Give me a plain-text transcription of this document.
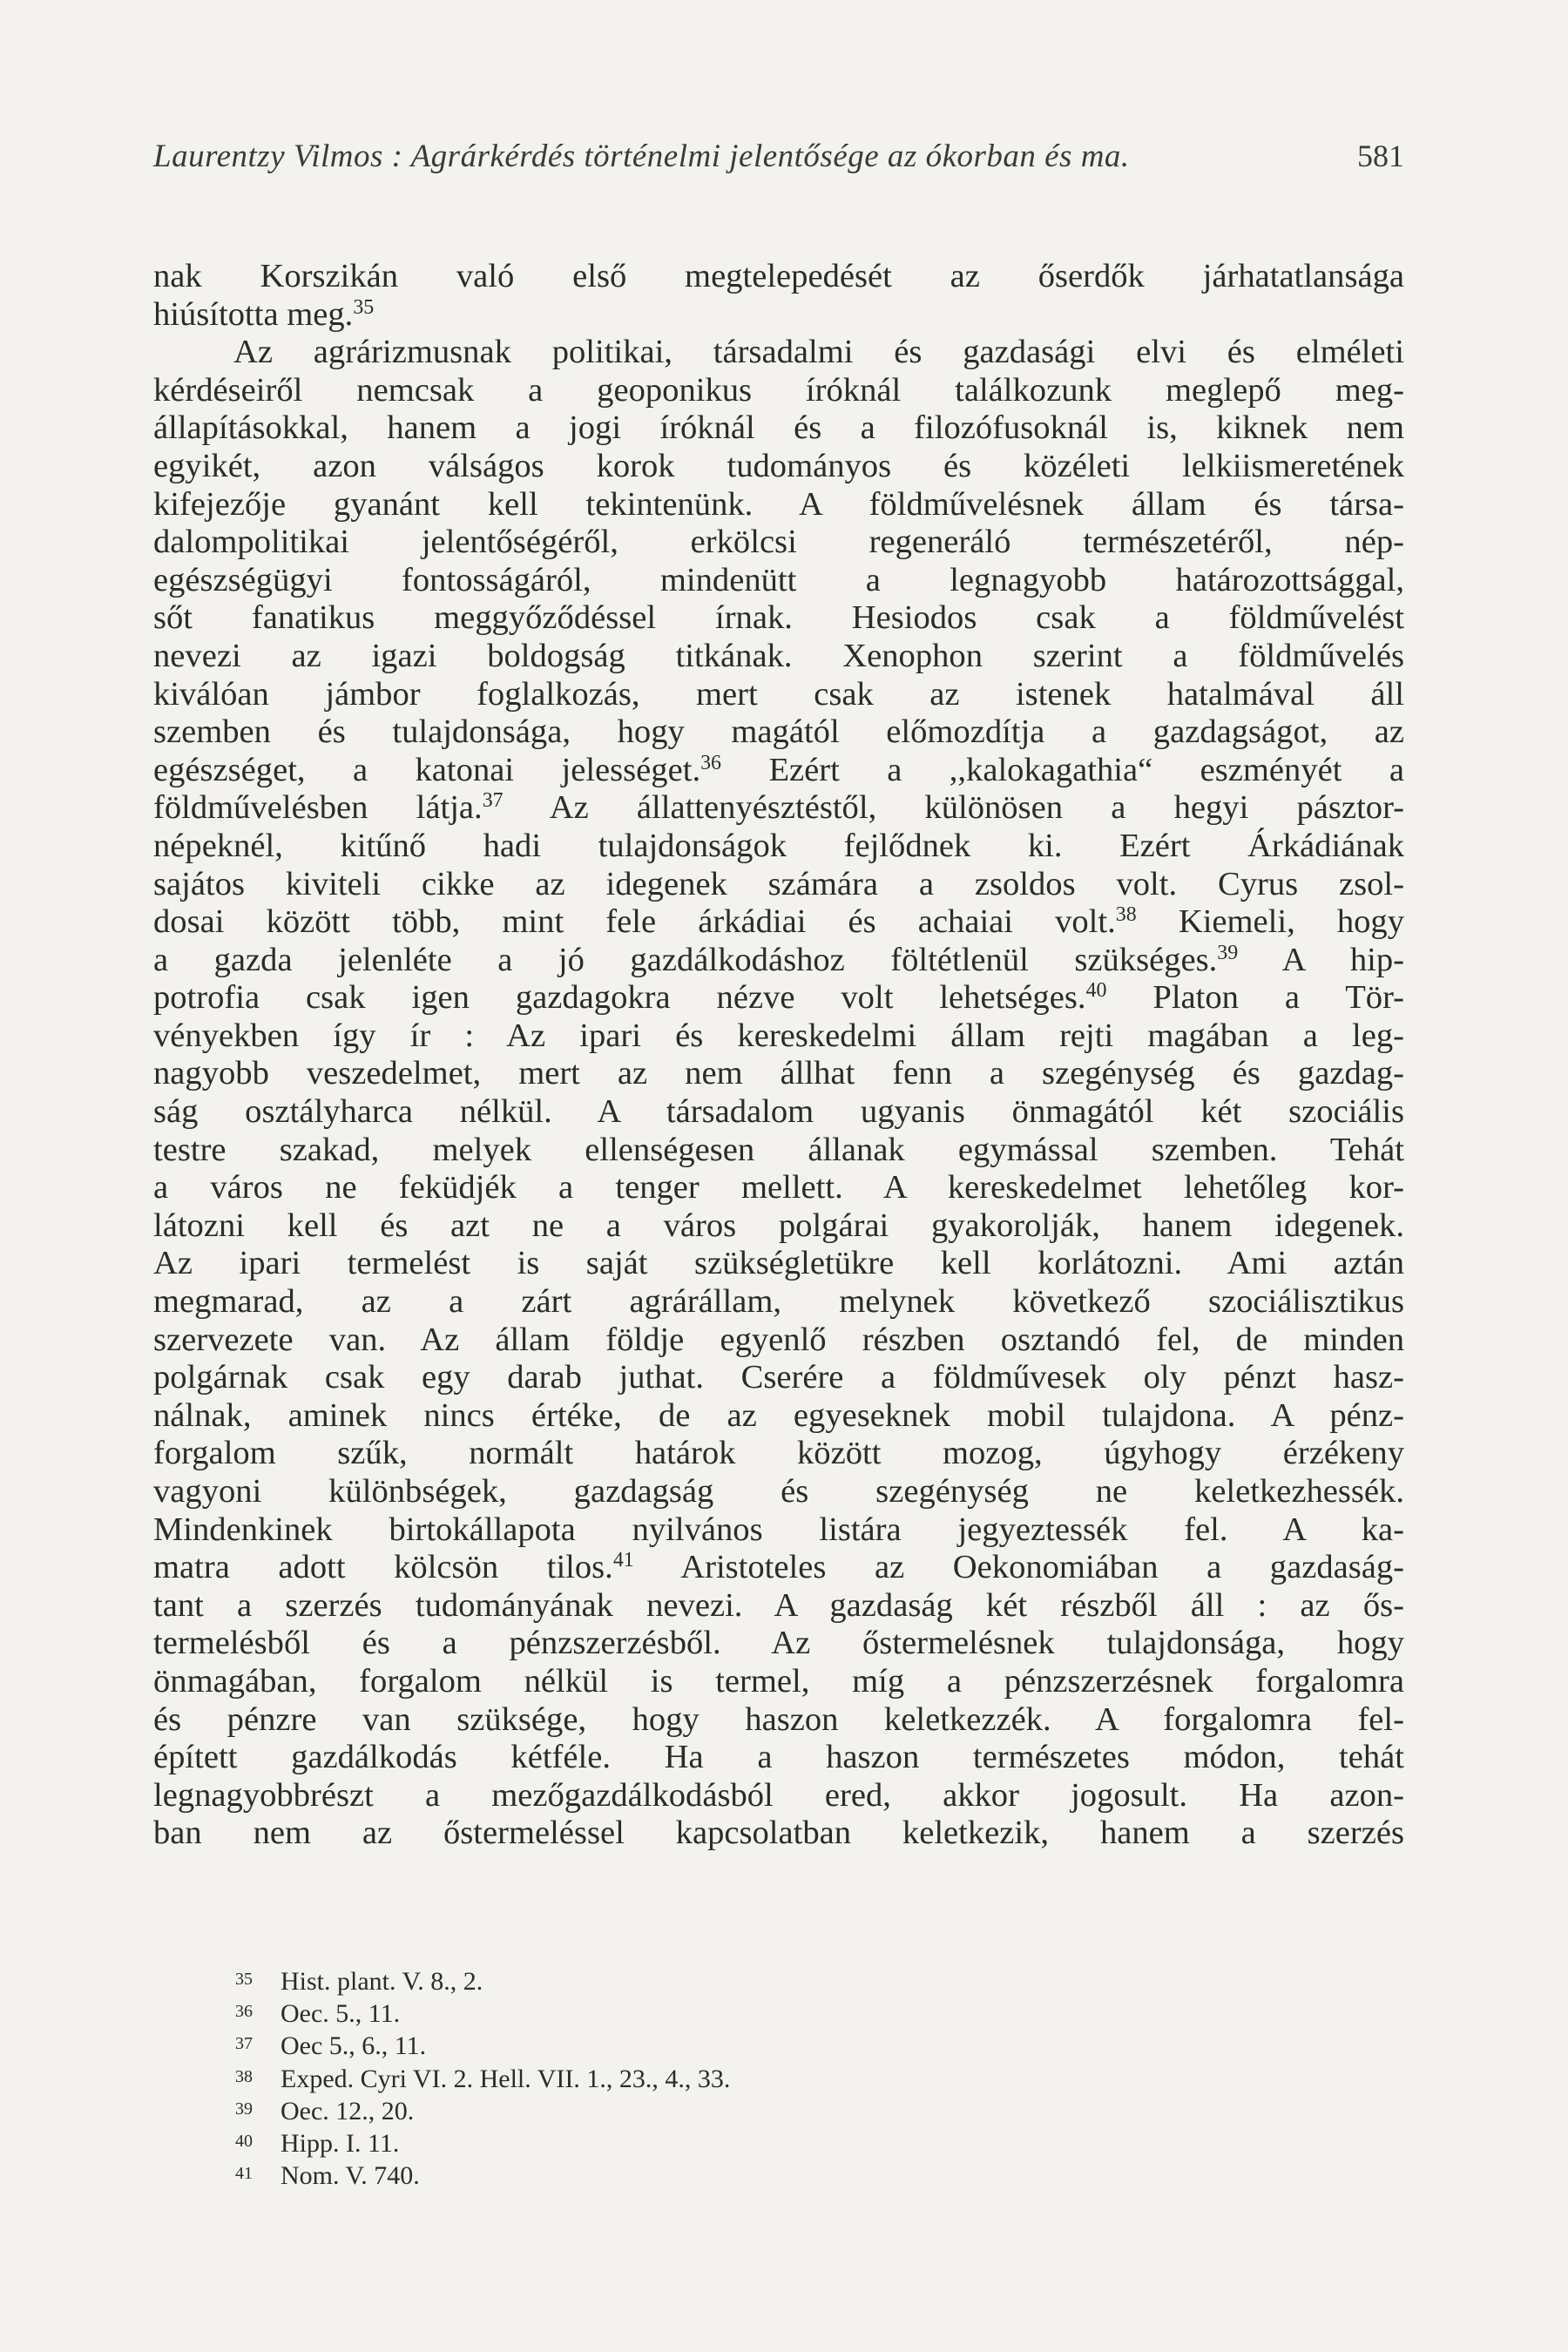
Laurentzy Vilmos : Agrárkérdés történelmi jelentősége az ókorban és ma.	581
nak Korszikán való első megtelepedését az őserdők járhatatlansága
hiúsította meg.$^{35}$
Az agrárizmusnak politikai, társadalmi és gazdasági elvi és elméleti
kérdéseiről nemcsak a geoponikus íróknál találkozunk meglepő meg-
állapításokkal, hanem a jogi íróknál és a filozófusoknál is, kiknek nem
egyikét, azon válságos korok tudományos és közéleti lelkiismeretének
kifejezője gyanánt kell tekintenünk. A földművelésnek állam és társa-
dalompolitikai jelentőségéről, erkölcsi regeneráló természetéről, nép-
egészségügyi fontosságáról, mindenütt a legnagyobb határozottsággal,
sőt fanatikus meggyőződéssel írnak. Hesiodos csak a földművelést
nevezi az igazi boldogság titkának. Xenophon szerint a földművelés
kiválóan jámbor foglalkozás, mert csak az istenek hatalmával áll
szemben és tulajdonsága, hogy magától előmozdítja a gazdagságot, az
egészséget, a katonai jelességet.$^{36}$ Ezért a ,,kalokagathia“ eszményét a
földművelésben látja.$^{37}$ Az állattenyésztéstől, különösen a hegyi pásztor-
népeknél, kitűnő hadi tulajdonságok fejlődnek ki. Ezért Árkádiának
sajátos kiviteli cikke az idegenek számára a zsoldos volt. Cyrus zsol-
dosai között több, mint fele árkádiai és achaiai volt.$^{38}$ Kiemeli, hogy
a gazda jelenléte a jó gazdálkodáshoz föltétlenül szükséges.$^{39}$ A hip-
potrofia csak igen gazdagokra nézve volt lehetséges.$^{40}$ Platon a Tör-
vényekben így ír : Az ipari és kereskedelmi állam rejti magában a leg-
nagyobb veszedelmet, mert az nem állhat fenn a szegénység és gazdag-
ság osztályharca nélkül. A társadalom ugyanis önmagától két szociális
testre szakad, melyek ellenségesen állanak egymással szemben. Tehát
a város ne feküdjék a tenger mellett. A kereskedelmet lehetőleg kor-
látozni kell és azt ne a város polgárai gyakorolják, hanem idegenek.
Az ipari termelést is saját szükségletükre kell korlátozni. Ami aztán
megmarad, az a zárt agrárállam, melynek következő szociálisztikus
szervezete van. Az állam földje egyenlő részben osztandó fel, de minden
polgárnak csak egy darab juthat. Cserére a földművesek oly pénzt hasz-
nálnak, aminek nincs értéke, de az egyeseknek mobil tulajdona. A pénz-
forgalom szűk, normált határok között mozog, úgyhogy érzékeny
vagyoni különbségek, gazdagság és szegénység ne keletkezhessék.
Mindenkinek birtokállapota nyilvános listára jegyeztessék fel. A ka-
matra adott kölcsön tilos.$^{41}$ Aristoteles az Oekonomiában a gazdaság-
tant a szerzés tudományának nevezi. A gazdaság két részből áll : az ős-
termelésből és a pénzszerzésből. Az őstermelésnek tulajdonsága, hogy
önmagában, forgalom nélkül is termel, míg a pénzszerzésnek forgalomra
és pénzre van szüksége, hogy haszon keletkezzék. A forgalomra fel-
épített gazdálkodás kétféle. Ha a haszon természetes módon, tehát
legnagyobbrészt a mezőgazdálkodásból ered, akkor jogosult. Ha azon-
ban nem az őstermeléssel kapcsolatban keletkezik, hanem a szerzés
35	Hist. plant. V. 8., 2.
36	Oec. 5., 11.
37	Oec 5., 6., 11.
38	Exped. Cyri VI. 2. Hell. VII. 1., 23., 4., 33.
39	Oec. 12., 20.
40	Hipp. I. 11.
41	Nom. V. 740.
